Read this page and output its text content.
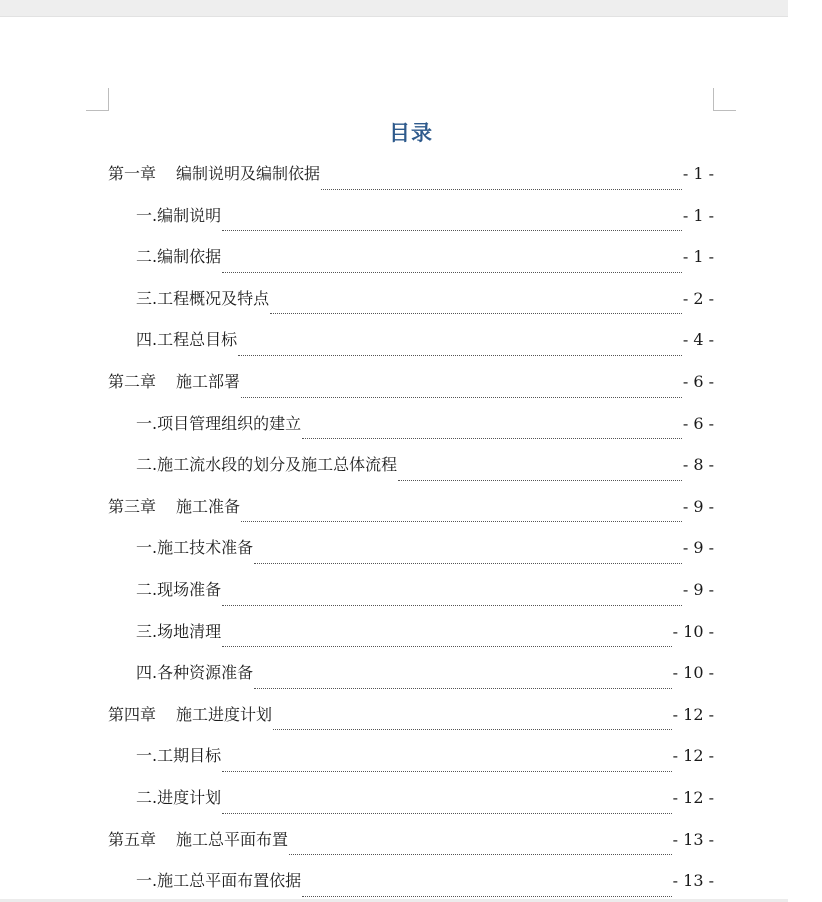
目录
第一章 编制说明及编制依据	- 1 -
一.编制说明	- 1 -
二.编制依据	- 1 -
三.工程概况及特点	- 2 -
四.工程总目标	- 4 -
第二章 施工部署	- 6 -
一.项目管理组织的建立	- 6 -
二.施工流水段的划分及施工总体流程	- 8 -
第三章 施工准备	- 9 -
一.施工技术准备	- 9 -
二.现场准备	- 9 -
三.场地清理	- 10 -
四.各种资源准备	- 10 -
第四章 施工进度计划	- 12 -
一.工期目标	- 12 -
二.进度计划	- 12 -
第五章 施工总平面布置	- 13 -
一.施工总平面布置依据	- 13 -
